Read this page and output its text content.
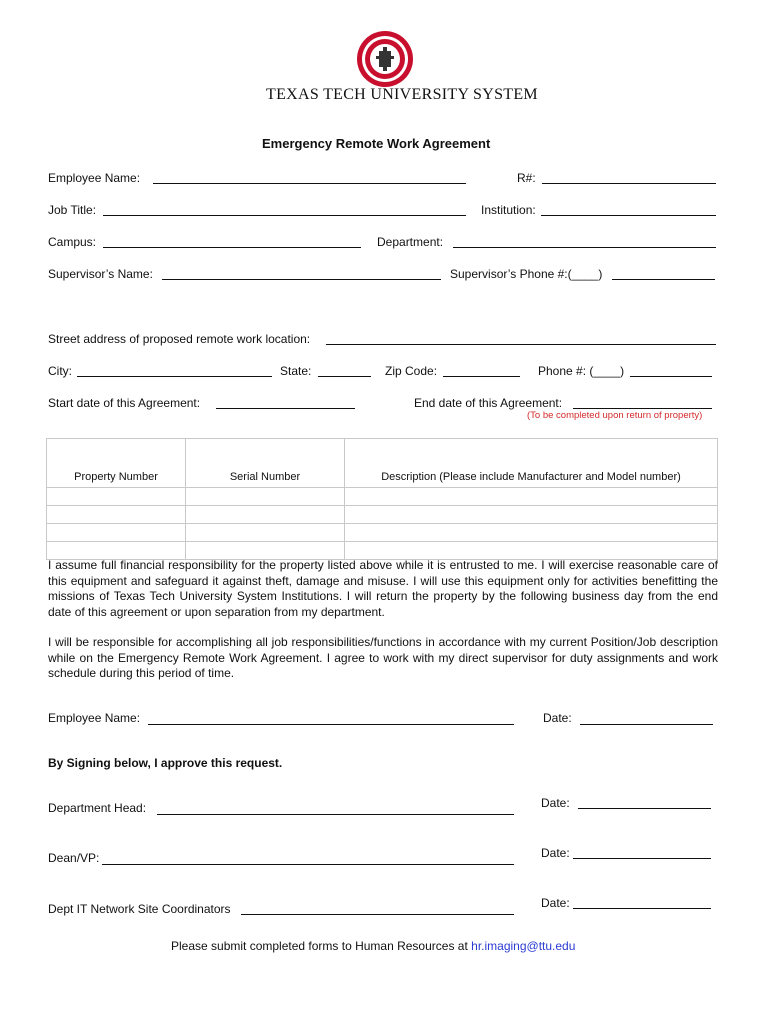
TEXAS TECH UNIVERSITY SYSTEM
Emergency Remote Work Agreement
Employee Name:	R#:
Job Title:	Institution:
Campus:	Department:
Supervisor’s Name:	Supervisor’s Phone #:(____)
Street address of proposed remote work location:
City:	State:	Zip Code:	Phone #: (____)
Start date of this Agreement:	End date of this Agreement:
(To be completed upon return of property)
Property Number	Serial Number	Description (Please include Manufacturer and Model number)

I assume full financial responsibility for the property listed above while it is entrusted to me. I will exercise reasonable care of this equipment and safeguard it against theft, damage and misuse. I will use this equipment only for activities benefitting the missions of Texas Tech University System Institutions. I will return the property by the following business day from the end date of this agreement or upon separation from my department.
I will be responsible for accomplishing all job responsibilities/functions in accordance with my current Position/Job description while on the Emergency Remote Work Agreement. I agree to work with my direct supervisor for duty assignments and work schedule during this period of time.
Employee Name:	Date:
By Signing below, I approve this request.
Department Head:	Date:
Dean/VP:	Date:
Dept IT Network Site Coordinators	Date:
Please submit completed forms to Human Resources at hr.imaging@ttu.edu
